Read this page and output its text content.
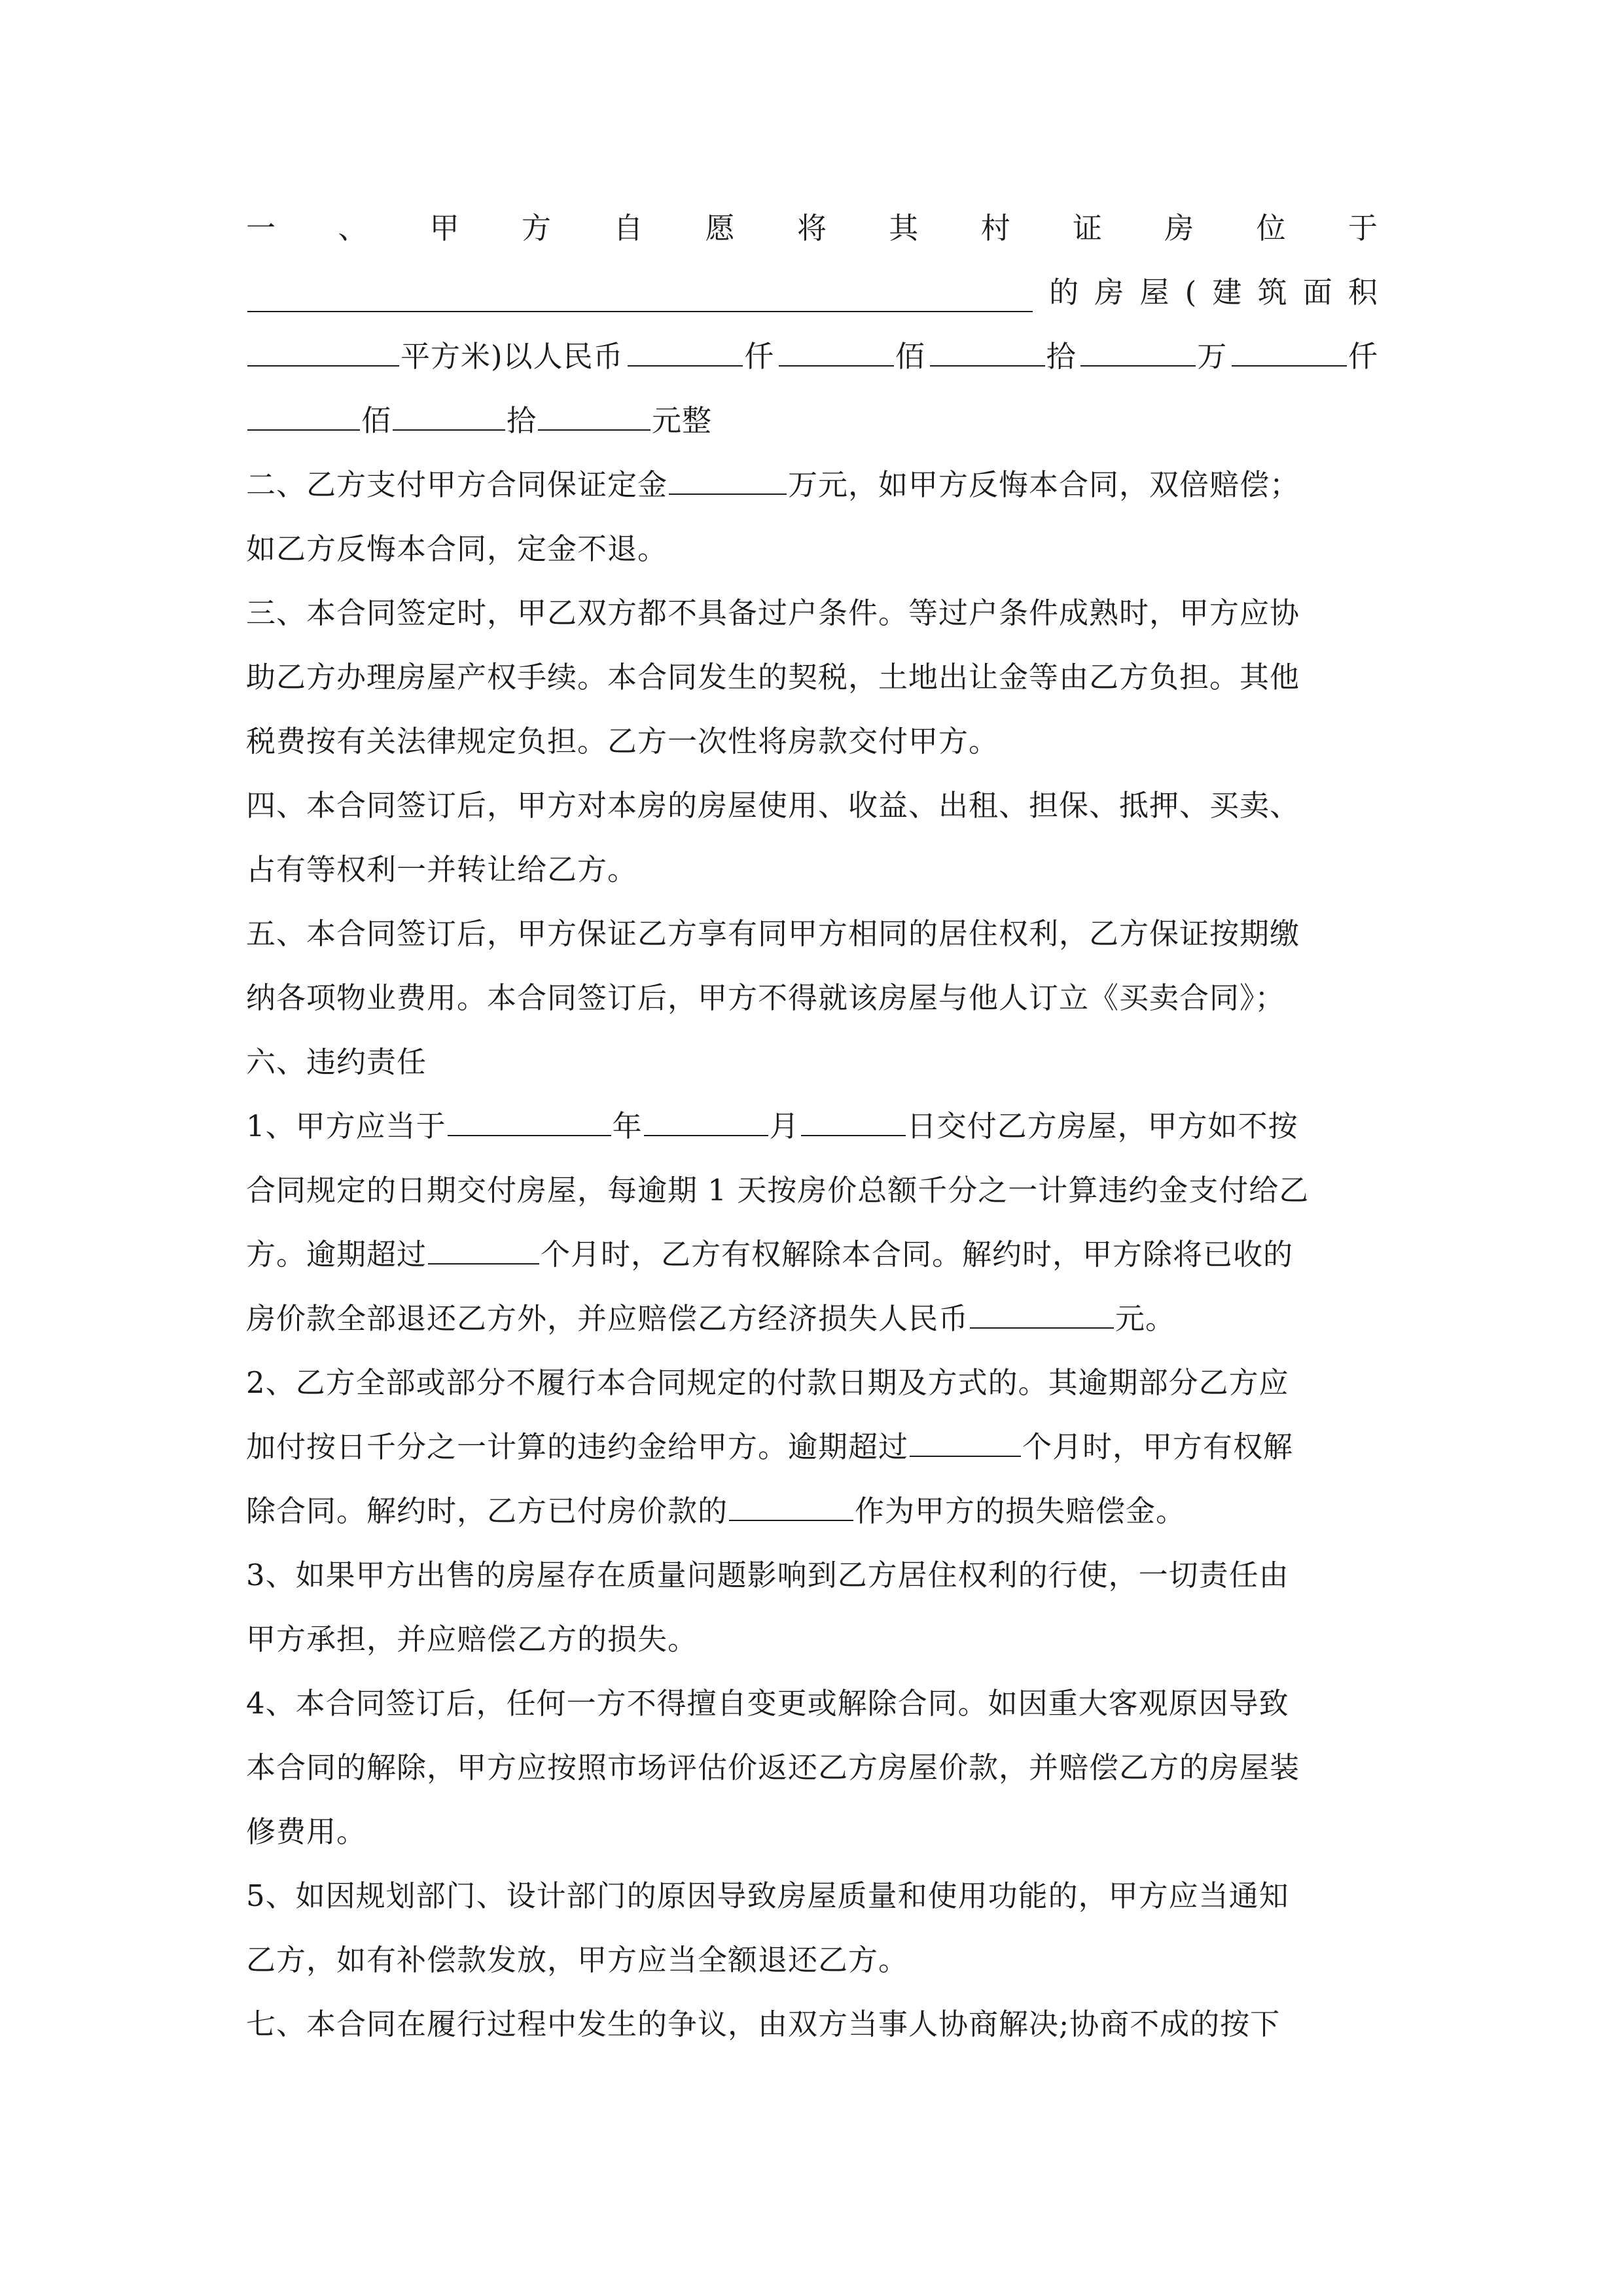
一 、 甲 方 自 愿 将 其 村 证 房 位 于
的 房 屋 ( 建 筑 面 积
平方米)以人民币	仟	佰	拾	万	仟
佰	拾	元整
二、乙方支付甲方合同保证定金	万元，如甲方反悔本合同，双倍赔偿；
如乙方反悔本合同，定金不退。
三、本合同签定时，甲乙双方都不具备过户条件。等过户条件成熟时，甲方应协
助乙方办理房屋产权手续。本合同发生的契税，土地出让金等由乙方负担。其他
税费按有关法律规定负担。乙方一次性将房款交付甲方。
四、本合同签订后，甲方对本房的房屋使用、收益、出租、担保、抵押、买卖、
占有等权利一并转让给乙方。
五、本合同签订后，甲方保证乙方享有同甲方相同的居住权利，乙方保证按期缴
纳各项物业费用。本合同签订后，甲方不得就该房屋与他人订立《买卖合同》；
六、违约责任
1、甲方应当于	年	月	日交付乙方房屋，甲方如不按
合同规定的日期交付房屋，每逾期 1 天按房价总额千分之一计算违约金支付给乙
方。逾期超过	个月时，乙方有权解除本合同。解约时，甲方除将已收的
房价款全部退还乙方外，并应赔偿乙方经济损失人民币	元。
2、乙方全部或部分不履行本合同规定的付款日期及方式的。其逾期部分乙方应
加付按日千分之一计算的违约金给甲方。逾期超过	个月时，甲方有权解
除合同。解约时，乙方已付房价款的	作为甲方的损失赔偿金。
3、如果甲方出售的房屋存在质量问题影响到乙方居住权利的行使，一切责任由
甲方承担，并应赔偿乙方的损失。
4、本合同签订后，任何一方不得擅自变更或解除合同。如因重大客观原因导致
本合同的解除，甲方应按照市场评估价返还乙方房屋价款，并赔偿乙方的房屋装
修费用。
5、如因规划部门、设计部门的原因导致房屋质量和使用功能的，甲方应当通知
乙方，如有补偿款发放，甲方应当全额退还乙方。
七、本合同在履行过程中发生的争议，由双方当事人协商解决;协商不成的按下
